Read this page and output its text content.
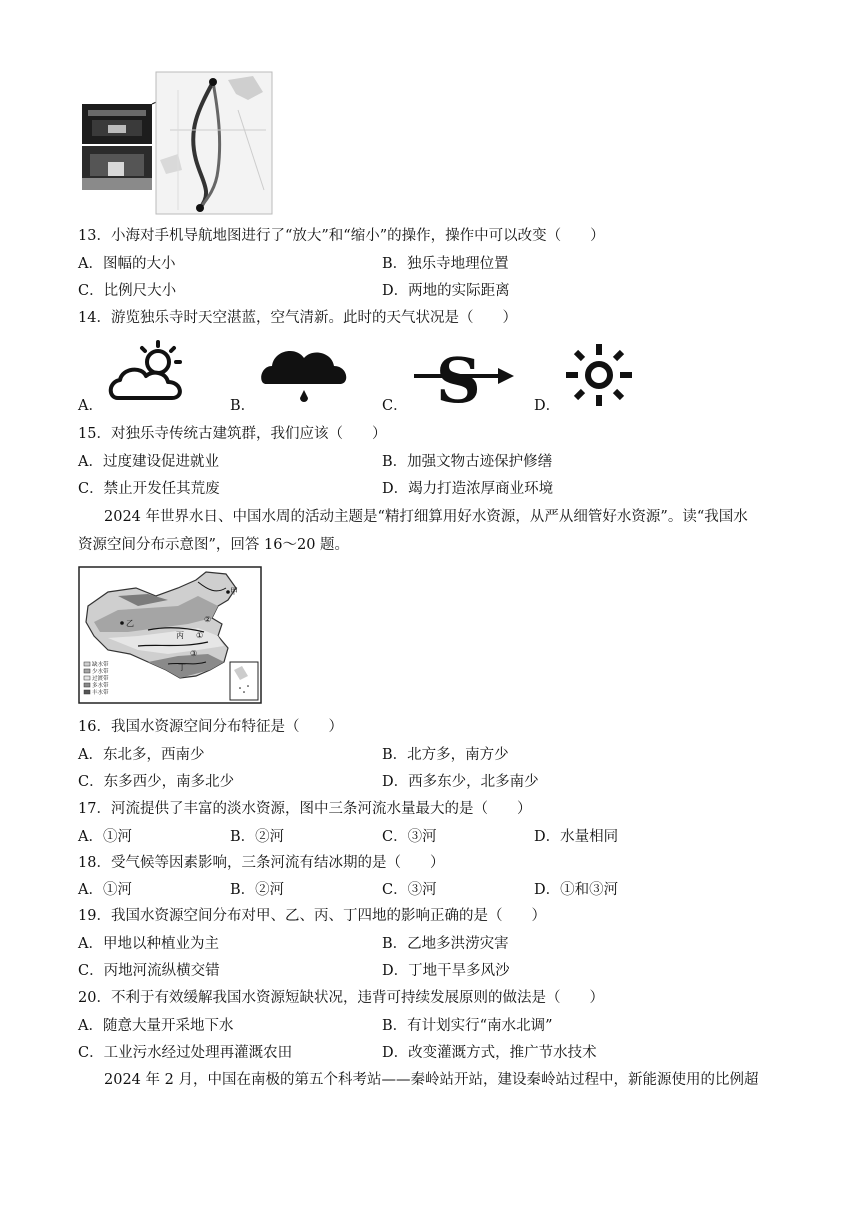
13．小海对手机导航地图进行了“放大”和“缩小”的操作，操作中可以改变（　　）
A．图幅的大小	B．独乐寺地理位置
C．比例尺大小	D．两地的实际距离
14．游览独乐寺时天空湛蓝，空气清新。此时的天气状况是（　　）
A．	B．	C． S	D．
15．对独乐寺传统古建筑群，我们应该（　　）
A．过度建设促进就业	B．加强文物古迹保护修缮
C．禁止开发任其荒废	D．竭力打造浓厚商业环境
2024 年世界水日、中国水周的活动主题是“精打细算用好水资源，从严从细管好水资源”。读“我国水
资源空间分布示意图”，回答 16～20 题。
甲
乙
丙
丁
①
②
③
缺水带
少水带
过渡带
多水带
丰水带
16．我国水资源空间分布特征是（　　）
A．东北多，西南少	B．北方多，南方少
C．东多西少，南多北少	D．西多东少，北多南少
17．河流提供了丰富的淡水资源，图中三条河流水量最大的是（　　）
A．①河	B．②河	C．③河	D．水量相同
18．受气候等因素影响，三条河流有结冰期的是（　　）
A．①河	B．②河	C．③河	D．①和③河
19．我国水资源空间分布对甲、乙、丙、丁四地的影响正确的是（　　）
A．甲地以种植业为主	B．乙地多洪涝灾害
C．丙地河流纵横交错	D．丁地干旱多风沙
20．不利于有效缓解我国水资源短缺状况，违背可持续发展原则的做法是（　　）
A．随意大量开采地下水	B．有计划实行“南水北调”
C．工业污水经过处理再灌溉农田	D．改变灌溉方式，推广节水技术
2024 年 2 月，中国在南极的第五个科考站——秦岭站开站，建设秦岭站过程中，新能源使用的比例超
